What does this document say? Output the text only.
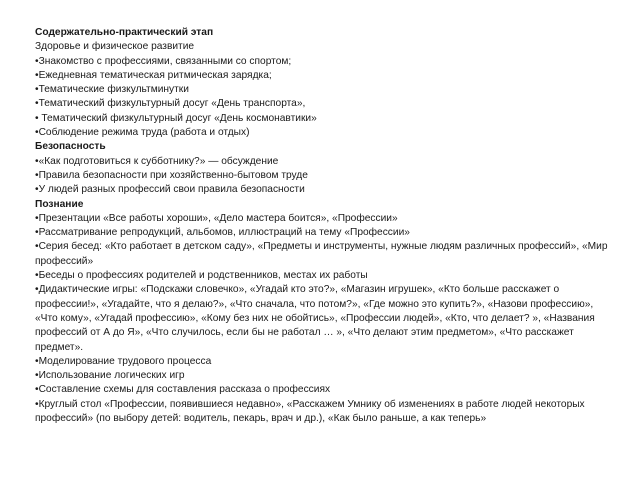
Содержательно-практический этап
Здоровье и физическое развитие
•Знакомство с профессиями, связанными со спортом;
•Ежедневная тематическая ритмическая зарядка;
•Тематические физкультминутки
•Тематический физкультурный досуг «День транспорта»,
• Тематический физкультурный досуг «День космонавтики»
•Соблюдение режима труда (работа и отдых)
Безопасность
•«Как подготовиться к субботнику?» — обсуждение
•Правила безопасности при хозяйственно-бытовом труде
•У людей разных профессий свои правила безопасности
Познание
•Презентации «Все работы хороши», «Дело мастера боится», «Профессии»
•Рассматривание репродукций, альбомов, иллюстраций на тему «Профессии»
•Серия бесед: «Кто работает в детском саду», «Предметы и инструменты, нужные людям различных профессий», «Мир профессий»
•Беседы о профессиях родителей и родственников, местах их работы
•Дидактические игры: «Подскажи словечко», «Угадай кто это?», «Магазин игрушек», «Кто больше расскажет о профессии!», «Угадайте, что я делаю?», «Что сначала, что потом?», «Где можно это купить?», «Назови профессию», «Что кому», «Угадай профессию», «Кому без них не обойтись», «Профессии людей», «Кто, что делает? », «Названия профессий от А до Я», «Что случилось, если бы не работал … », «Что делают этим предметом», «Что расскажет предмет».
•Моделирование трудового процесса
•Использование логических игр
•Составление схемы для составления рассказа о профессиях
•Круглый стол «Профессии, появившиеся недавно», «Расскажем Умнику об изменениях в работе людей некоторых профессий» (по выбору детей: водитель, пекарь, врач и др.), «Как было раньше, а как теперь»
